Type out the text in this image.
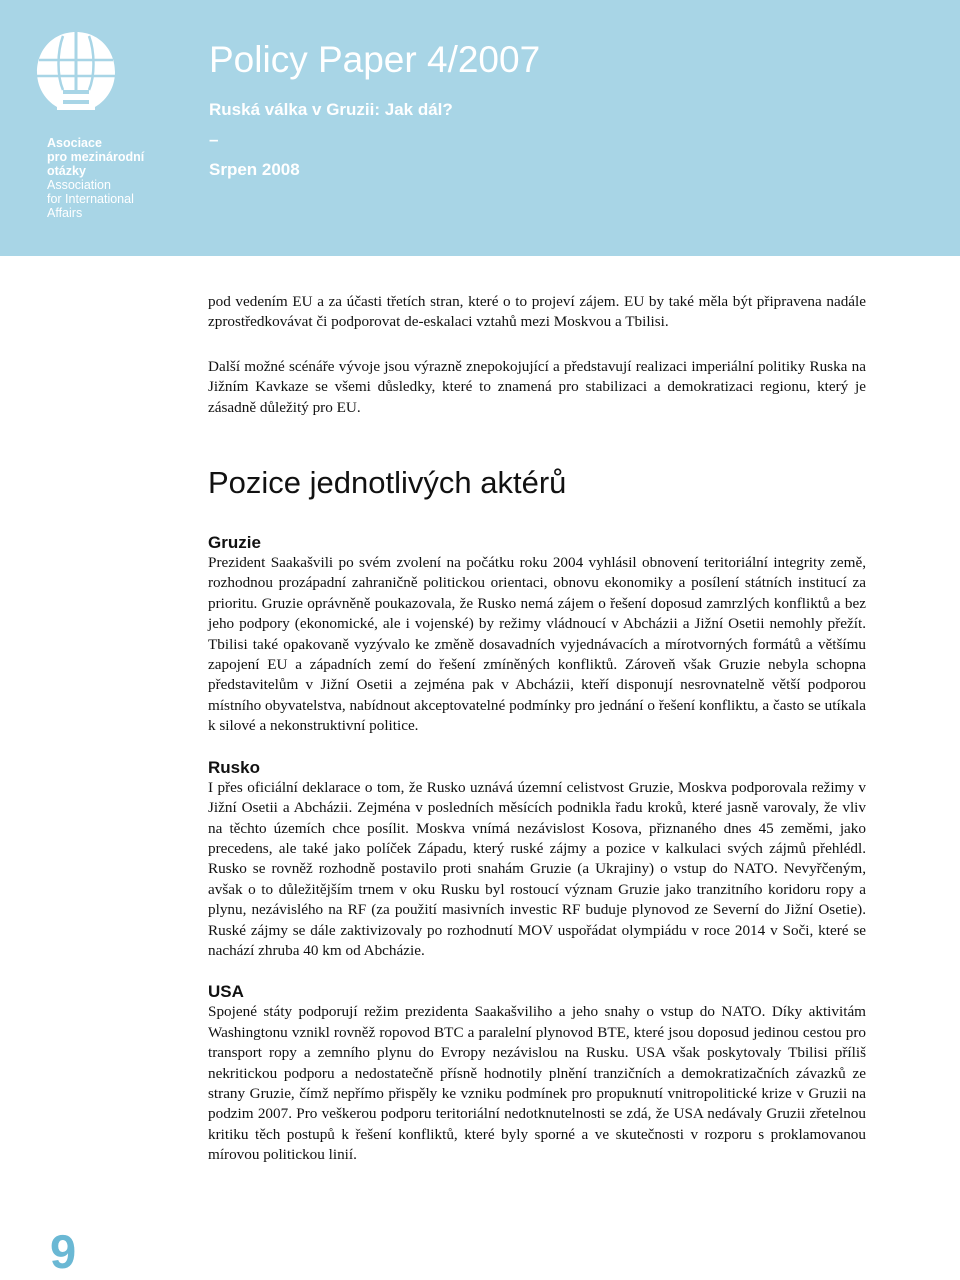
Asociace
pro mezinárodní
otázky
Association
for International
Affairs
Policy Paper 4/2007
Ruská válka v Gruzii: Jak dál?
–
Srpen 2008

pod vedením EU a za účasti třetích stran, které o to projeví zájem. EU by také měla být připravena nadále zprostředkovávat či podporovat de-eskalaci vztahů mezi Moskvou a Tbilisi.

Další možné scénáře vývoje jsou výrazně znepokojující a představují realizaci imperiální politiky Ruska na Jižním Kavkaze se všemi důsledky, které to znamená pro stabilizaci a demokratizaci regionu, který je zásadně důležitý pro EU.

Pozice jednotlivých aktérů
Gruzie

Prezident Saakašvili po svém zvolení na počátku roku 2004 vyhlásil obnovení teritoriální integrity země, rozhodnou prozápadní zahraničně politickou orientaci, obnovu ekonomiky a posílení státních institucí za prioritu. Gruzie oprávněně poukazovala, že Rusko nemá zájem o řešení doposud zamrzlých konfliktů a bez jeho podpory (ekonomické, ale i vojenské) by režimy vládnoucí v Abcházii a Jižní Osetii nemohly přežít. Tbilisi také opakovaně vyzývalo ke změně dosavadních vyjednávacích a mírotvorných formátů a většímu zapojení EU a západních zemí do řešení zmíněných konfliktů. Zároveň však Gruzie nebyla schopna představitelům v Jižní Osetii a zejména pak v Abcházii, kteří disponují nesrovnatelně větší podporou místního obyvatelstva, nabídnout akceptovatelné podmínky pro jednání o řešení konfliktu, a často se utíkala k silové a nekonstruktivní politice.

Rusko

I přes oficiální deklarace o tom, že Rusko uznává územní celistvost Gruzie, Moskva podporovala režimy v Jižní Osetii a Abcházii. Zejména v posledních měsících podnikla řadu kroků, které jasně varovaly, že vliv na těchto územích chce posílit. Moskva vnímá nezávislost Kosova, přiznaného dnes 45 zeměmi, jako precedens, ale také jako políček Západu, který ruské zájmy a pozice v kalkulaci svých zájmů přehlédl. Rusko se rovněž rozhodně postavilo proti snahám Gruzie (a Ukrajiny) o vstup do NATO. Nevyřčeným, avšak o to důležitějším trnem v oku Rusku byl rostoucí význam Gruzie jako tranzitního koridoru ropy a plynu, nezávislého na RF (za použití masivních investic RF buduje plynovod ze Severní do Jižní Osetie). Ruské zájmy se dále zaktivizovaly po rozhodnutí MOV uspořádat olympiádu v roce 2014 v Soči, které se nachází zhruba 40 km od Abcházie.

USA

Spojené státy podporují režim prezidenta Saakašviliho a jeho snahy o vstup do NATO. Díky aktivitám Washingtonu vznikl rovněž ropovod BTC a paralelní plynovod BTE, které jsou doposud jedinou cestou pro transport ropy a zemního plynu do Evropy nezávislou na Rusku. USA však poskytovaly Tbilisi příliš nekritickou podporu a nedostatečně přísně hodnotily plnění tranzičních a demokratizačních závazků ze strany Gruzie, čímž nepřímo přispěly ke vzniku podmínek pro propuknutí vnitropolitické krize v Gruzii na podzim 2007. Pro veškerou podporu teritoriální nedotknutelnosti se zdá, že USA nedávaly Gruzii zřetelnou kritiku těch postupů k řešení konfliktů, které byly sporné a ve skutečnosti v rozporu s proklamovanou mírovou politickou linií.

9
